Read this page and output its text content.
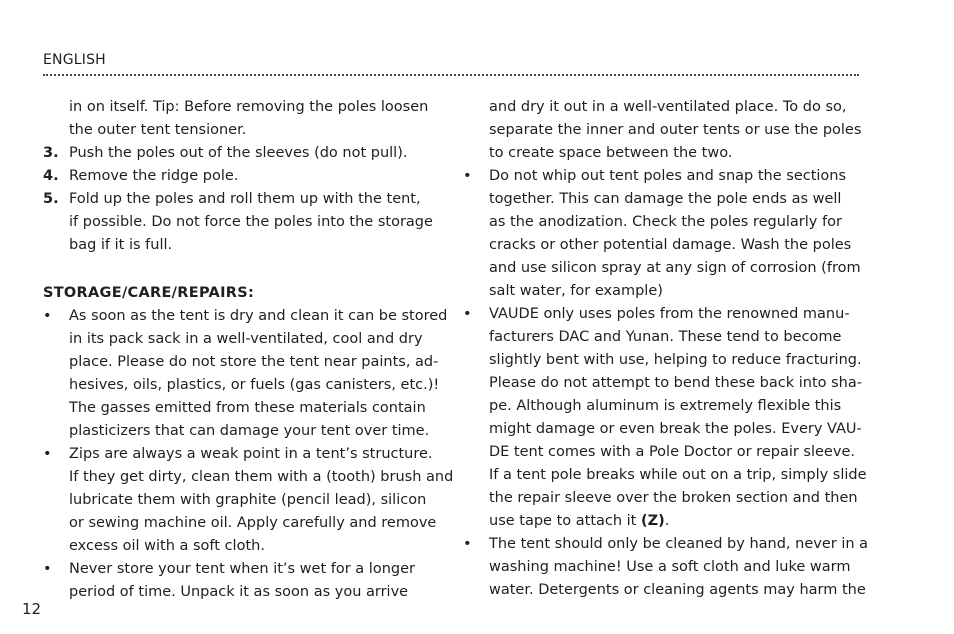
ENGLISH
in on itself. Tip: Before removing the poles loosen
the outer tent tensioner.
3. Push the poles out of the sleeves (do not pull).
4. Remove the ridge pole.
5. Fold up the poles and roll them up with the tent,
if possible. Do not force the poles into the storage
bag if it is full.
STORAGE/CARE/REPAIRS:
• As soon as the tent is dry and clean it can be stored
in its pack sack in a well-ventilated, cool and dry
place. Please do not store the tent near paints, ad-
hesives, oils, plastics, or fuels (gas canisters, etc.)!
The gasses emitted from these materials contain
plasticizers that can damage your tent over time.
• Zips are always a weak point in a tent’s structure.
If they get dirty, clean them with a (tooth) brush and
lubricate them with graphite (pencil lead), silicon
or sewing machine oil. Apply carefully and remove
excess oil with a soft cloth.
• Never store your tent when it’s wet for a longer
period of time. Unpack it as soon as you arrive
and dry it out in a well-ventilated place. To do so,
separate the inner and outer tents or use the poles
to create space between the two.
• Do not whip out tent poles and snap the sections
together. This can damage the pole ends as well
as the anodization. Check the poles regularly for
cracks or other potential damage. Wash the poles
and use silicon spray at any sign of corrosion (from
salt water, for example)
• VAUDE only uses poles from the renowned manu-
facturers DAC and Yunan. These tend to become
slightly bent with use, helping to reduce fracturing.
Please do not attempt to bend these back into sha-
pe. Although aluminum is extremely flexible this
might damage or even break the poles. Every VAU-
DE tent comes with a Pole Doctor or repair sleeve.
If a tent pole breaks while out on a trip, simply slide
the repair sleeve over the broken section and then
use tape to attach it (Z).
• The tent should only be cleaned by hand, never in a
washing machine! Use a soft cloth and luke warm
water. Detergents or cleaning agents may harm the
12
